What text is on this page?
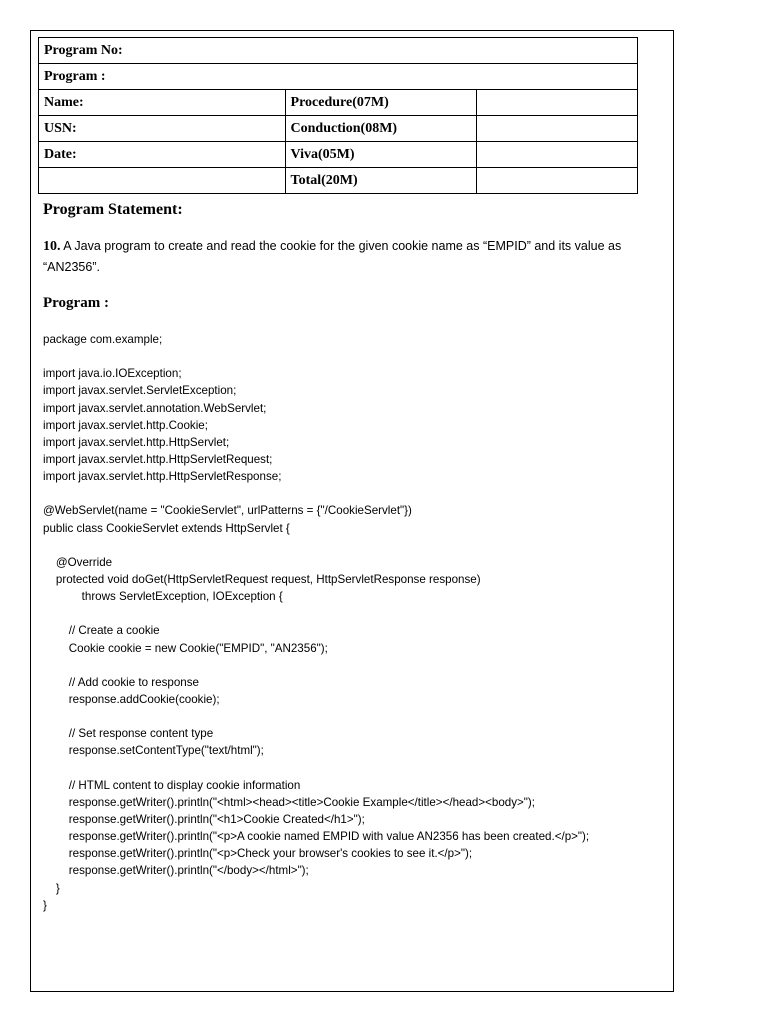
Program No:		
Program :		
Name:	Procedure(07M)	
USN:	Conduction(08M)	
Date:	Viva(05M)	
	Total(20M)	
Program Statement:
10. A Java program to create and read the cookie for the given cookie name as “EMPID” and its value as “AN2356”.
Program :
package com.example;
import java.io.IOException;
import javax.servlet.ServletException;
import javax.servlet.annotation.WebServlet;
import javax.servlet.http.Cookie;
import javax.servlet.http.HttpServlet;
import javax.servlet.http.HttpServletRequest;
import javax.servlet.http.HttpServletResponse;
@WebServlet(name = "CookieServlet", urlPatterns = {"/CookieServlet"})
public class CookieServlet extends HttpServlet {
@Override
protected void doGet(HttpServletRequest request, HttpServletResponse response)
throws ServletException, IOException {
// Create a cookie
Cookie cookie = new Cookie("EMPID", "AN2356");
// Add cookie to response
response.addCookie(cookie);
// Set response content type
response.setContentType("text/html");
// HTML content to display cookie information
response.getWriter().println("<html><head><title>Cookie Example</title></head><body>");
response.getWriter().println("<h1>Cookie Created</h1>");
response.getWriter().println("<p>A cookie named EMPID with value AN2356 has been created.</p>");
response.getWriter().println("<p>Check your browser's cookies to see it.</p>");
response.getWriter().println("</body></html>");
}
}
